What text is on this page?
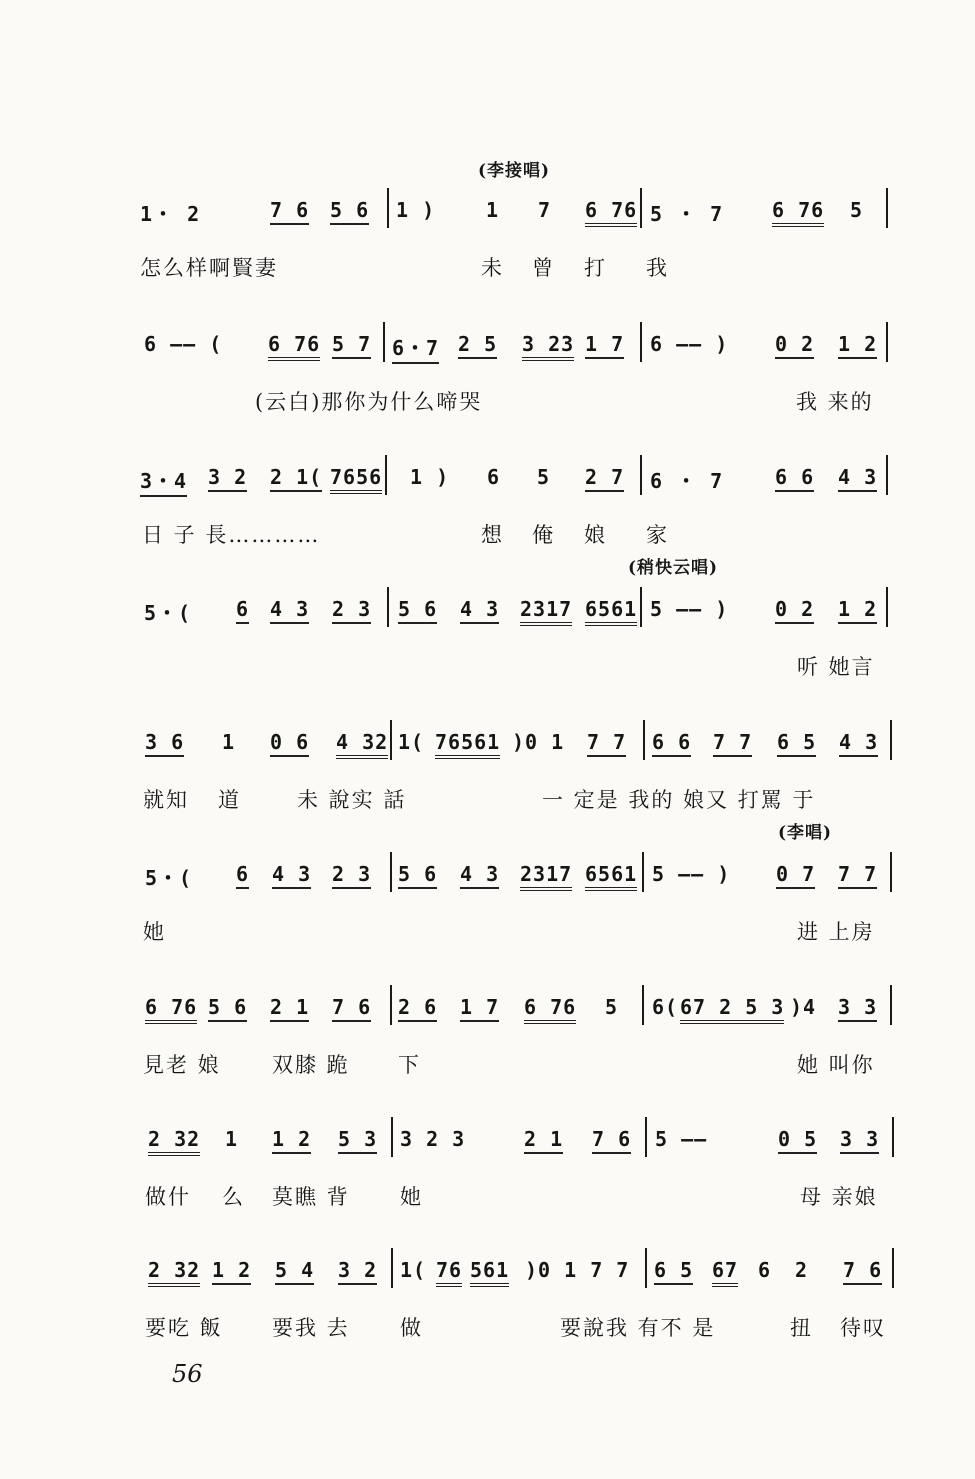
(李接唱)
(稍快云唱)
(李唱)
1・ 2	7 6 5 6 1 )	1 7 6 76 5 ・ 7 6 76 5
怎么样啊賢妻	未 曾 打 我
6 —— ( 6 76 5 7 6・7 2 5 3 23 1 7 6 —— ) 0 2 1 2
(云白)那你为什么啼哭	我 来的
3・4 3 2 2 1( 7656 1 ) 6 5 2 7 6 ・ 7	6 6 4 3
日 子 長…………	想 俺 娘 家
5・( 6 4 3 2 3 5 6 4 3 2317 6561 5 —— ) 0 2 1 2
听 她言
3 6 1 0 6 4 32 1( 76561 )0 1 7 7 6 6 7 7 6 5 4 3
就知 道	未 說实 話	一 定是 我的 娘又 打罵 于
5・( 6 4 3 2 3 5 6 4 3 2317 6561 5 —— ) 0 7 7 7
她	进 上房
6 76 5 6 2 1 7 6 2 6 1 7 6 76 5 6( 67 2 5 3 )4 3 3
見老 娘 双膝 跪 下	她 叫你
2 32 1 1 2 5 3 3 2 3	2 1 7 6 5 ——	0 5 3 3
做什 么 莫瞧 背 她	母 亲娘
2 32 1 2 5 4 3 2 1( 76 561 )0 1 7 7 6 5 67 6 2 7 6
要吃 飯 要我 去 做	要說我 有不 是	扭 待叹
56
